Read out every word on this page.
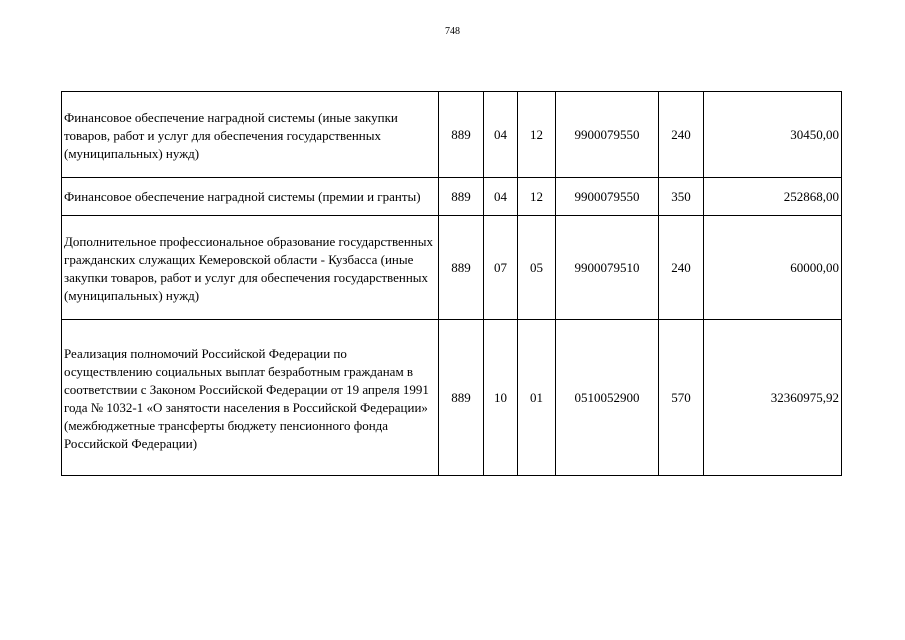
748
Финансовое обеспечение наградной системы (иные закупки товаров, работ и услуг для обеспечения государственных (муниципальных) нужд)	889	04	12	9900079550	240	30450,00
Финансовое обеспечение наградной системы (премии и гранты)	889	04	12	9900079550	350	252868,00
Дополнительное профессиональное образование государственных гражданских служащих Кемеровской области - Кузбасса (иные закупки товаров, работ и услуг для обеспечения государственных (муниципальных) нужд)	889	07	05	9900079510	240	60000,00
Реализация полномочий Российской Федерации по осуществлению социальных выплат безработным гражданам в соответствии с Законом Российской Федерации от 19 апреля 1991 года № 1032-1 «О занятости населения в Российской Федерации» (межбюджетные трансферты бюджету пенсионного фонда Российской Федерации)	889	10	01	0510052900	570	32360975,92
